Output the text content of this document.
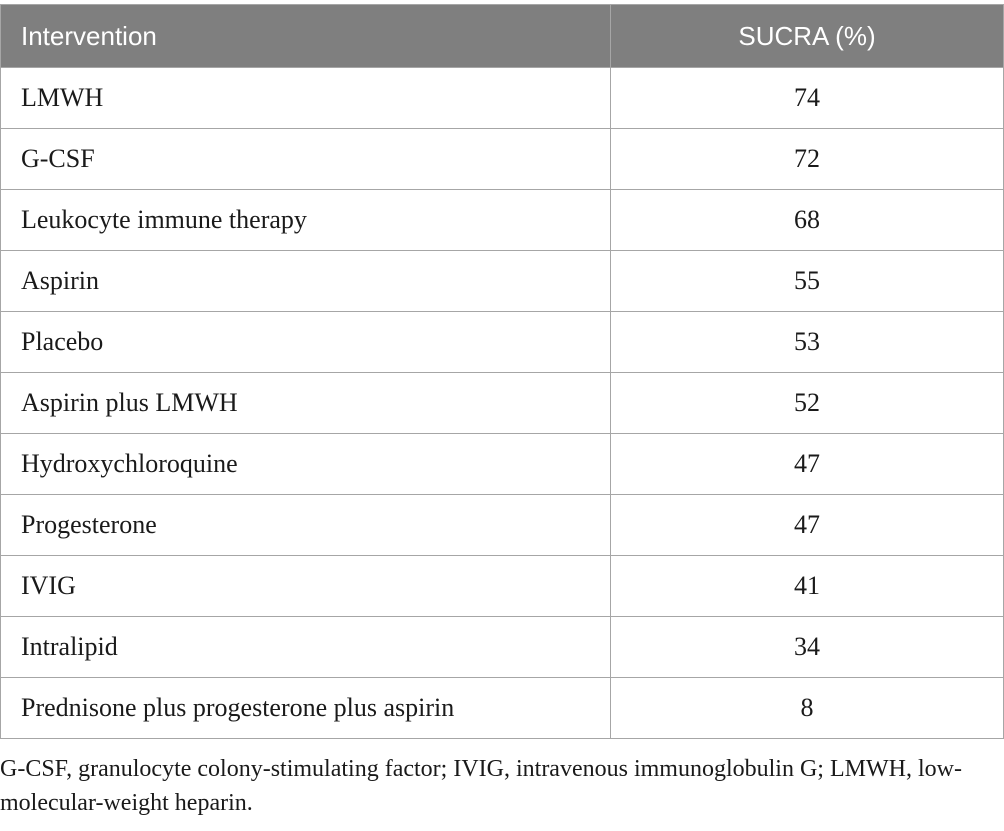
Intervention	SUCRA (%)
LMWH	74
G-CSF	72
Leukocyte immune therapy	68
Aspirin	55
Placebo	53
Aspirin plus LMWH	52
Hydroxychloroquine	47
Progesterone	47
IVIG	41
Intralipid	34
Prednisone plus progesterone plus aspirin	8

G-CSF, granulocyte colony-stimulating factor; IVIG, intravenous immunoglobulin G; LMWH, low-molecular-weight heparin.
